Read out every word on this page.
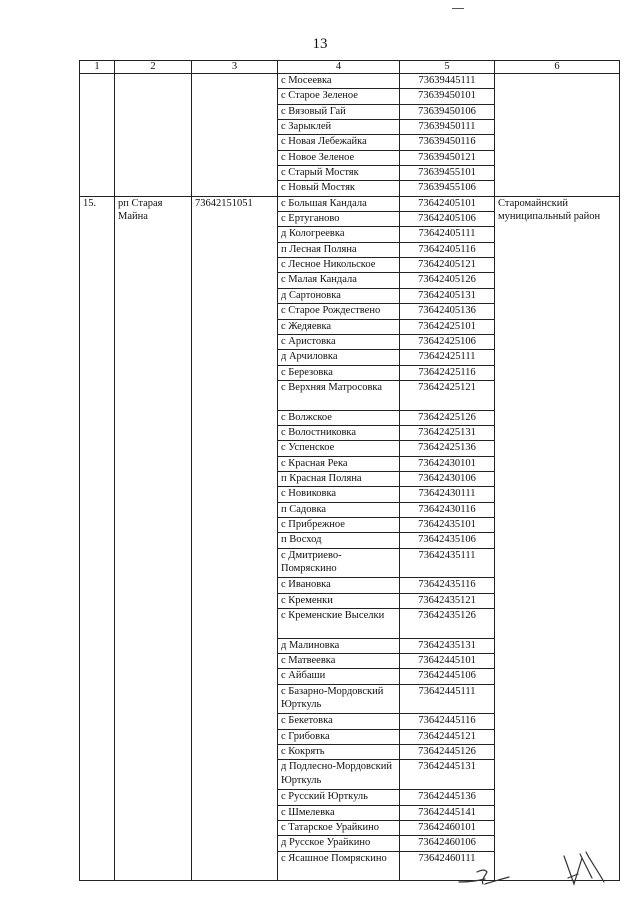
13
1	2	3	4	5	6
			с Мосеевка	73639445111	
			с Старое Зеленое	73639450101	
			с Вязовый Гай	73639450106	
			с Зарыклей	73639450111	
			с Новая Лебежайка	73639450116	
			с Новое Зеленое	73639450121	
			с Старый Мостяк	73639455101	
			с Новый Мостяк	73639455106	
15.	рп Старая Майна	73642151051	с Большая Кандала	73642405101	Старомайнский муниципальный район
			с Ертуганово	73642405106	
			д Кологреевка	73642405111	
			п Лесная Поляна	73642405116	
			с Лесное Никольское	73642405121	
			с Малая Кандала	73642405126	
			д Сартоновка	73642405131	
			с Старое Рождествено	73642405136	
			с Жедяевка	73642425101	
			с Аристовка	73642425106	
			д Арчиловка	73642425111	
			с Березовка	73642425116	
			с Верхняя Матросовка	73642425121	
			с Волжское	73642425126	
			с Волостниковка	73642425131	
			с Успенское	73642425136	
			с Красная Река	73642430101	
			п Красная Поляна	73642430106	
			с Новиковка	73642430111	
			п Садовка	73642430116	
			с Прибрежное	73642435101	
			п Восход	73642435106	
			с Дмитриево-Помряскино	73642435111	
			с Ивановка	73642435116	
			с Кременки	73642435121	
			с Кременские Выселки	73642435126	
			д Малиновка	73642435131	
			с Матвеевка	73642445101	
			с Айбаши	73642445106	
			с Базарно-Мордовский Юрткуль	73642445111	
			с Бекетовка	73642445116	
			с Грибовка	73642445121	
			с Кокрять	73642445126	
			д Подлесно-Мордовский Юрткуль	73642445131	
			с Русский Юрткуль	73642445136	
			с Шмелевка	73642445141	
			с Татарское Урайкино	73642460101	
			д Русское Урайкино	73642460106	
			с Ясашное Помряскино	73642460111	
